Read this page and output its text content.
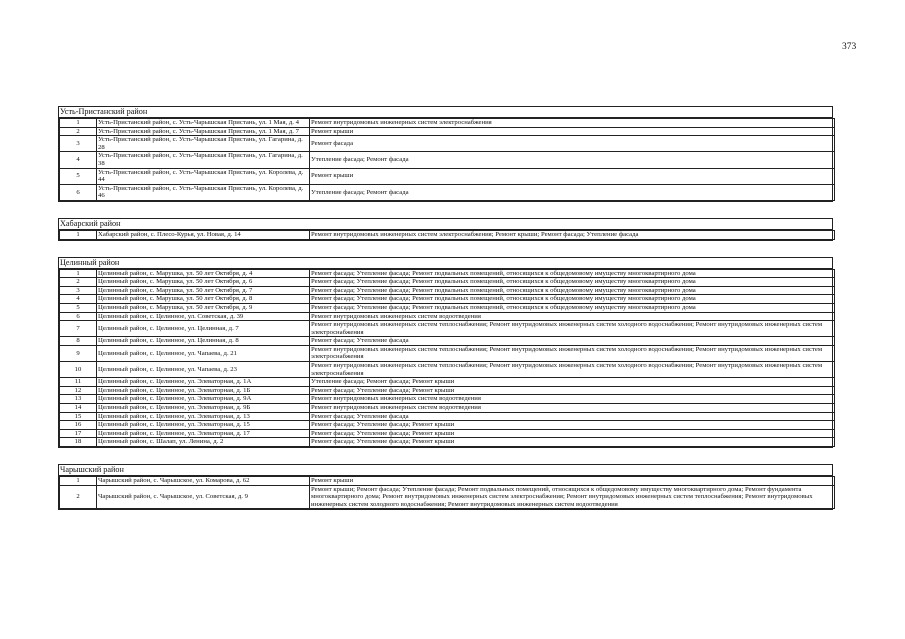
373
Усть-Пристанский район
1	Усть-Пристанский район, с. Усть-Чарышская Пристань, ул. 1 Мая, д. 4	Ремонт внутридомовых инженерных систем электроснабжения
2	Усть-Пристанский район, с. Усть-Чарышская Пристань, ул. 1 Мая, д. 7	Ремонт крыши
3	Усть-Пристанский район, с. Усть-Чарышская Пристань, ул. Гагарина, д. 28	Ремонт фасада
4	Усть-Пристанский район, с. Усть-Чарышская Пристань, ул. Гагарина, д. 38	Утепление фасада; Ремонт фасада
5	Усть-Пристанский район, с. Усть-Чарышская Пристань, ул. Королева, д. 44	Ремонт крыши
6	Усть-Пристанский район, с. Усть-Чарышская Пристань, ул. Королева, д. 46	Утепление фасада; Ремонт фасада
Хабарский район
1	Хабарский район, с. Плесо-Курья, ул. Новая, д. 14	Ремонт внутридомовых инженерных систем электроснабжения; Ремонт крыши; Ремонт фасада; Утепление фасада
Целинный район
1	Целинный район, с. Марушка, ул. 50 лет Октября, д. 4	Ремонт фасада; Утепление фасада; Ремонт подвальных помещений, относящихся к общедомовому имуществу многоквартирного дома
2	Целинный район, с. Марушка, ул. 50 лет Октября, д. 6	Ремонт фасада; Утепление фасада; Ремонт подвальных помещений, относящихся к общедомовому имуществу многоквартирного дома
3	Целинный район, с. Марушка, ул. 50 лет Октября, д. 7	Ремонт фасада; Утепление фасада; Ремонт подвальных помещений, относящихся к общедомовому имуществу многоквартирного дома
4	Целинный район, с. Марушка, ул. 50 лет Октября, д. 8	Ремонт фасада; Утепление фасада; Ремонт подвальных помещений, относящихся к общедомовому имуществу многоквартирного дома
5	Целинный район, с. Марушка, ул. 50 лет Октября, д. 9	Ремонт фасада; Утепление фасада; Ремонт подвальных помещений, относящихся к общедомовому имуществу многоквартирного дома
6	Целинный район, с. Целинное, ул. Советская, д. 39	Ремонт внутридомовых инженерных систем водоотведения
7	Целинный район, с. Целинное, ул. Целинная, д. 7	Ремонт внутридомовых инженерных систем теплоснабжения; Ремонт внутридомовых инженерных систем холодного водоснабжения; Ремонт внутридомовых инженерных систем электроснабжения
8	Целинный район, с. Целинное, ул. Целинная, д. 8	Ремонт фасада; Утепление фасада
9	Целинный район, с. Целинное, ул. Чапаева, д. 21	Ремонт внутридомовых инженерных систем теплоснабжения; Ремонт внутридомовых инженерных систем холодного водоснабжения; Ремонт внутридомовых инженерных систем электроснабжения
10	Целинный район, с. Целинное, ул. Чапаева, д. 23	Ремонт внутридомовых инженерных систем теплоснабжения; Ремонт внутридомовых инженерных систем холодного водоснабжения; Ремонт внутридомовых инженерных систем электроснабжения
11	Целинный район, с. Целинное, ул. Элеваторная, д. 1А	Утепление фасада; Ремонт фасада; Ремонт крыши
12	Целинный район, с. Целинное, ул. Элеваторная, д. 1Б	Ремонт фасада; Утепление фасада; Ремонт крыши
13	Целинный район, с. Целинное, ул. Элеваторная, д. 9А	Ремонт внутридомовых инженерных систем водоотведения
14	Целинный район, с. Целинное, ул. Элеваторная, д. 9Б	Ремонт внутридомовых инженерных систем водоотведения
15	Целинный район, с. Целинное, ул. Элеваторная, д. 13	Ремонт фасада; Утепление фасада
16	Целинный район, с. Целинное, ул. Элеваторная, д. 15	Ремонт фасада; Утепление фасада; Ремонт крыши
17	Целинный район, с. Целинное, ул. Элеваторная, д. 17	Ремонт фасада; Утепление фасада; Ремонт крыши
18	Целинный район, с. Шалап, ул. Ленина, д. 2	Ремонт фасада; Утепление фасада; Ремонт крыши
Чарышский район
1	Чарышский район, с. Чарышское, ул. Комарова, д. 62	Ремонт крыши
2	Чарышский район, с. Чарышское, ул. Советская, д. 9	Ремонт крыши; Ремонт фасада; Утепление фасада; Ремонт подвальных помещений, относящихся к общедомовому имуществу многоквартирного дома; Ремонт фундамента многоквартирного дома; Ремонт внутридомовых инженерных систем электроснабжения; Ремонт внутридомовых инженерных систем теплоснабжения; Ремонт внутридомовых инженерных систем холодного водоснабжения; Ремонт внутридомовых инженерных систем водоотведения
